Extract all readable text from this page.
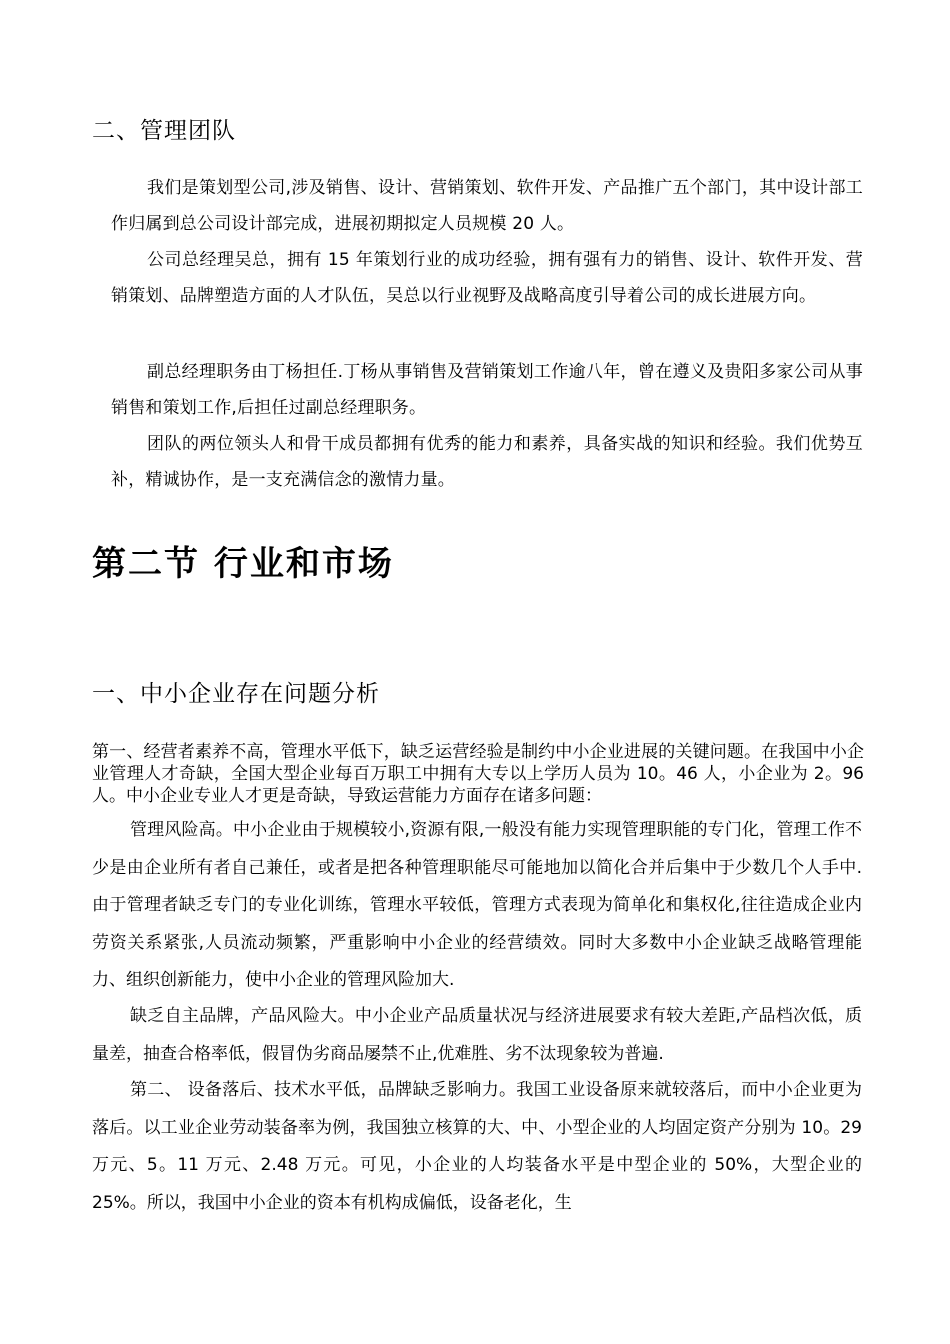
二、管理团队
我们是策划型公司,涉及销售、设计、营销策划、软件开发、产品推广五个部门，其中设计部工作归属到总公司设计部完成，进展初期拟定人员规模 20 人。
公司总经理吴总，拥有 15 年策划行业的成功经验，拥有强有力的销售、设计、软件开发、营销策划、品牌塑造方面的人才队伍，吴总以行业视野及战略高度引导着公司的成长进展方向。
副总经理职务由丁杨担任.丁杨从事销售及营销策划工作逾八年，曾在遵义及贵阳多家公司从事销售和策划工作,后担任过副总经理职务。
团队的两位领头人和骨干成员都拥有优秀的能力和素养，具备实战的知识和经验。我们优势互补，精诚协作，是一支充满信念的激情力量。
第二节 行业和市场
一、中小企业存在问题分析
第一、经营者素养不高，管理水平低下，缺乏运营经验是制约中小企业进展的关键问题。在我国中小企业管理人才奇缺，全国大型企业每百万职工中拥有大专以上学历人员为 10。46 人，小企业为 2。96 人。中小企业专业人才更是奇缺，导致运营能力方面存在诸多问题：
管理风险高。中小企业由于规模较小,资源有限,一般没有能力实现管理职能的专门化，管理工作不少是由企业所有者自己兼任，或者是把各种管理职能尽可能地加以简化合并后集中于少数几个人手中.由于管理者缺乏专门的专业化训练，管理水平较低，管理方式表现为简单化和集权化,往往造成企业内劳资关系紧张,人员流动频繁，严重影响中小企业的经营绩效。同时大多数中小企业缺乏战略管理能力、组织创新能力，使中小企业的管理风险加大.
缺乏自主品牌，产品风险大。中小企业产品质量状况与经济进展要求有较大差距,产品档次低，质量差，抽查合格率低，假冒伪劣商品屡禁不止,优难胜、劣不汰现象较为普遍.
第二、 设备落后、技术水平低，品牌缺乏影响力。我国工业设备原来就较落后，而中小企业更为落后。以工业企业劳动装备率为例，我国独立核算的大、中、小型企业的人均固定资产分别为 10。29 万元、5。11 万元、2.48 万元。可见，小企业的人均装备水平是中型企业的 50%，大型企业的 25%。所以，我国中小企业的资本有机构成偏低，设备老化，生
